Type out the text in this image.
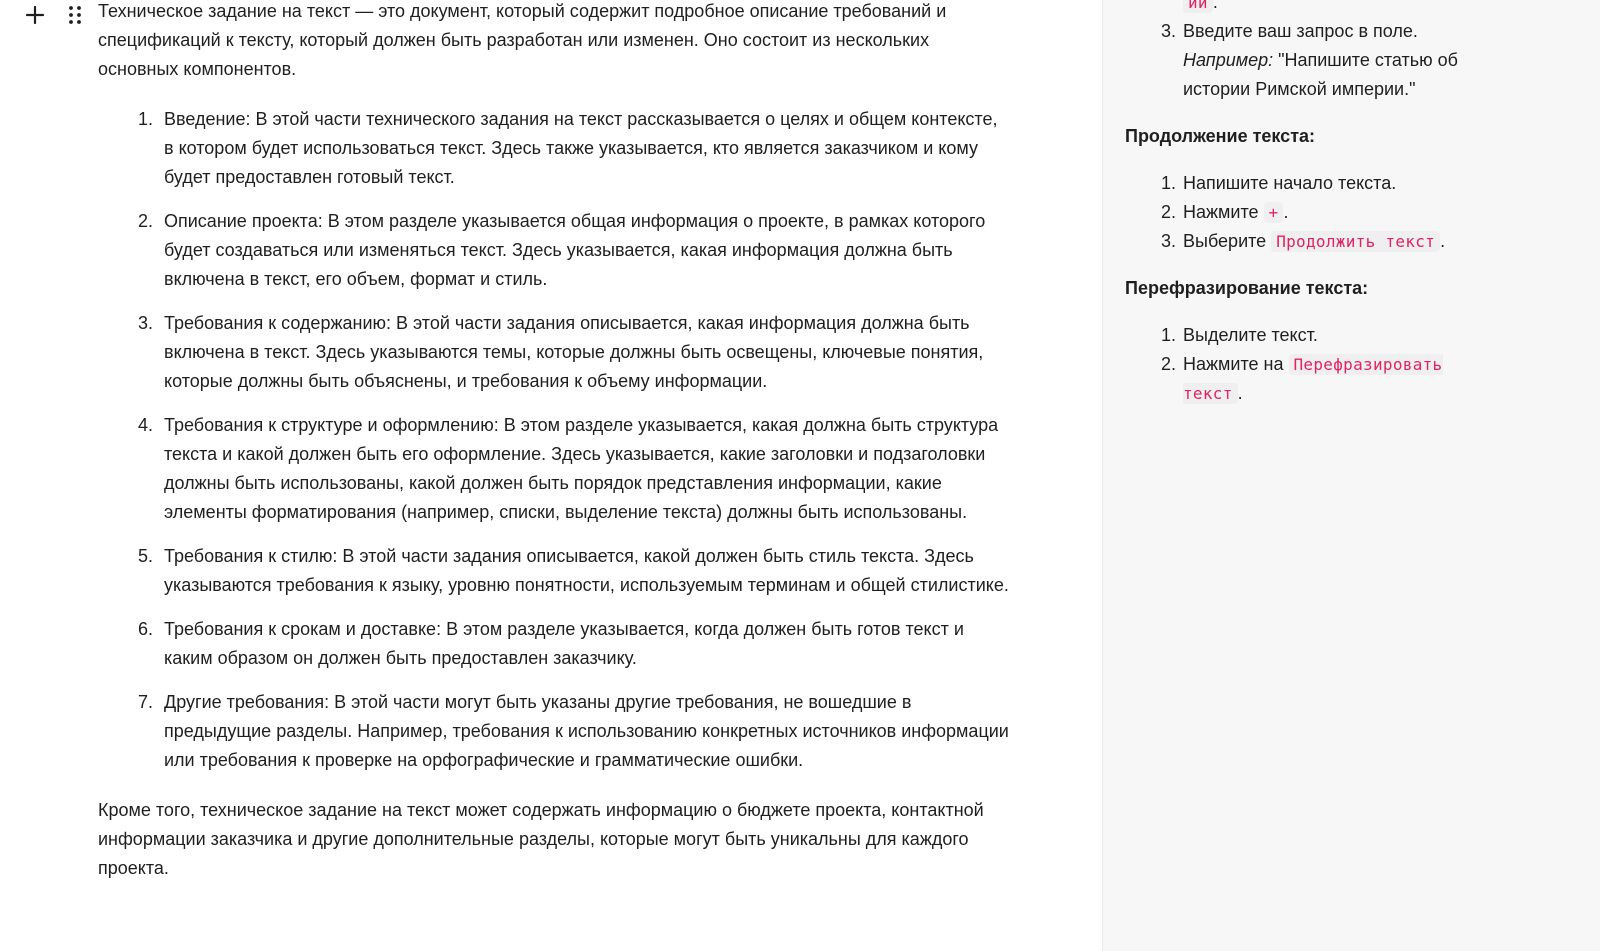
Техническое задание на текст — это документ, который содержит подробное описание требований и спецификаций к тексту, который должен быть разработан или изменен. Оно состоит из нескольких основных компонентов.

1. Введение: В этой части технического задания на текст рассказывается о целях и общем контексте, в котором будет использоваться текст. Здесь также указывается, кто является заказчиком и кому будет предоставлен готовый текст.
2. Описание проекта: В этом разделе указывается общая информация о проекте, в рамках которого будет создаваться или изменяться текст. Здесь указывается, какая информация должна быть включена в текст, его объем, формат и стиль.
3. Требования к содержанию: В этой части задания описывается, какая информация должна быть включена в текст. Здесь указываются темы, которые должны быть освещены, ключевые понятия, которые должны быть объяснены, и требования к объему информации.
4. Требования к структуре и оформлению: В этом разделе указывается, какая должна быть структура текста и какой должен быть его оформление. Здесь указывается, какие заголовки и подзаголовки должны быть использованы, какой должен быть порядок представления информации, какие элементы форматирования (например, списки, выделение текста) должны быть использованы.
5. Требования к стилю: В этой части задания описывается, какой должен быть стиль текста. Здесь указываются требования к языку, уровню понятности, используемым терминам и общей стилистике.
6. Требования к срокам и доставке: В этом разделе указывается, когда должен быть готов текст и каким образом он должен быть предоставлен заказчику.
7. Другие требования: В этой части могут быть указаны другие требования, не вошедшие в предыдущие разделы. Например, требования к использованию конкретных источников информации или требования к проверке на орфографические и грамматические ошибки.

Кроме того, техническое задание на текст может содержать информацию о бюджете проекта, контактной информации заказчика и другие дополнительные разделы, которые могут быть уникальны для каждого проекта.

ии .
3. Введите ваш запрос в поле.
Например: "Напишите статью об истории Римской империи."
Продолжение текста:
1. Напишите начало текста.
2. Нажмите + .
3. Выберите Продолжить текст .
Перефразирование текста:
1. Выделите текст.
2. Нажмите на Перефразировать текст .
